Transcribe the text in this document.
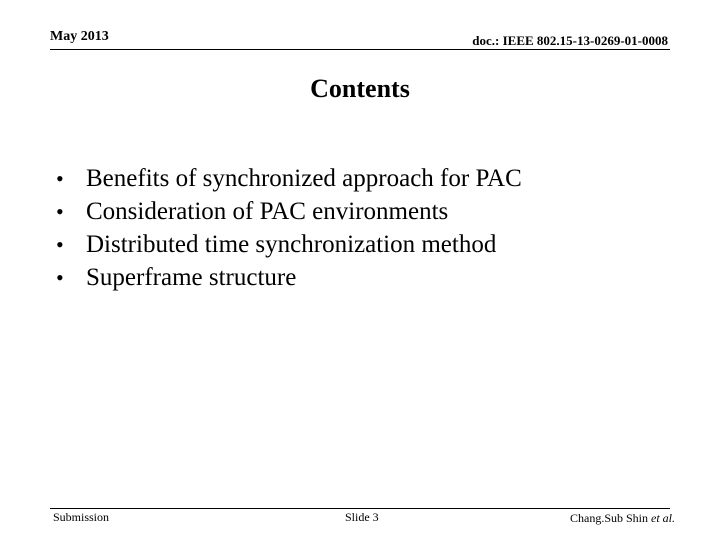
May 2013	doc.: IEEE 802.15-13-0269-01-0008
Contents
• Benefits of synchronized approach for PAC
• Consideration of PAC environments
• Distributed time synchronization method
• Superframe structure
Submission	Slide 3	Chang.Sub Shin et al.
